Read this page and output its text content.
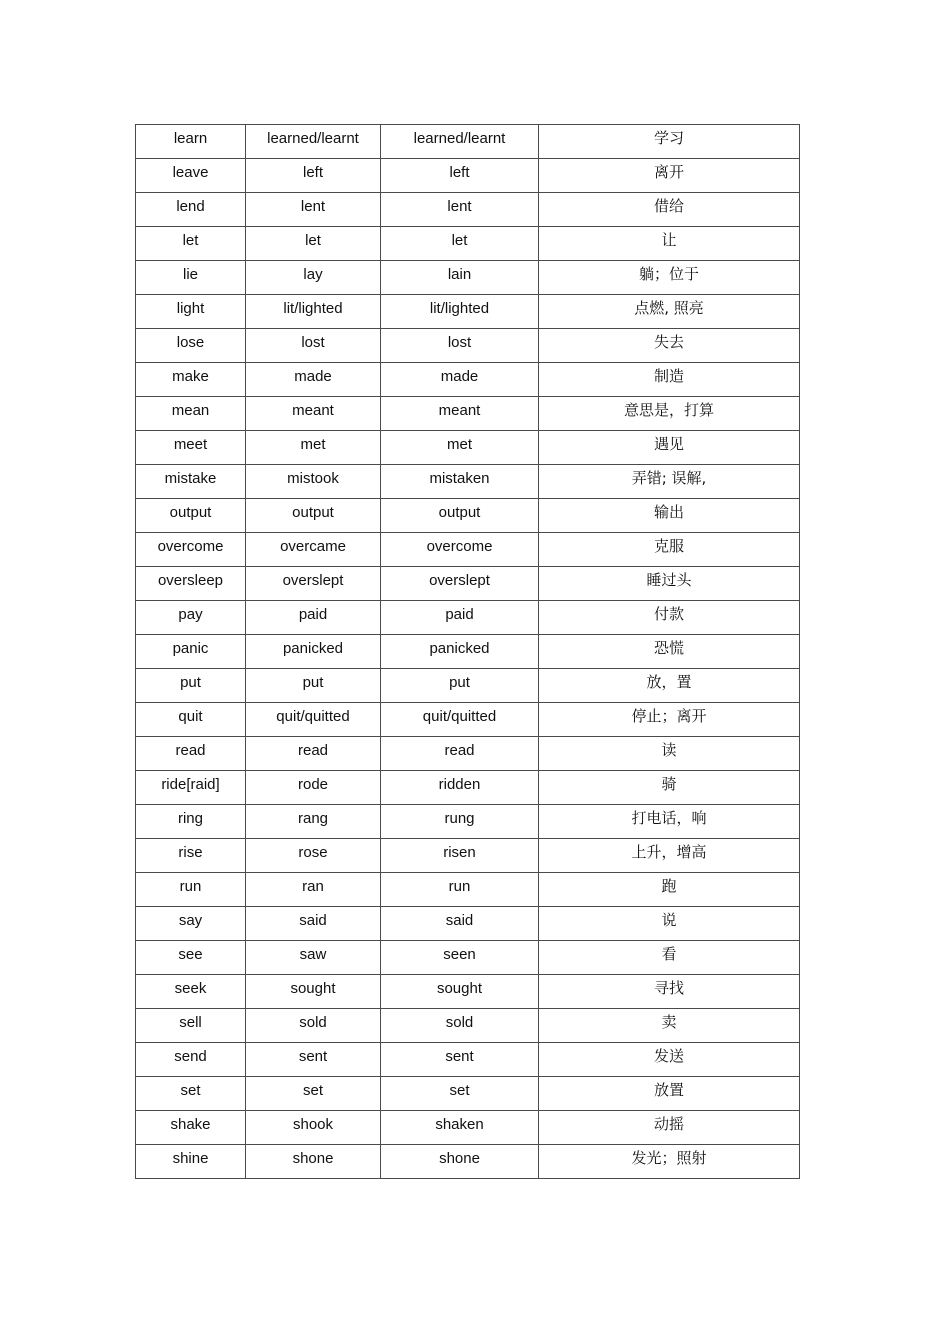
learn	learned/learnt	learned/learnt	学习
leave	left	left	离开
lend	lent	lent	借给
let	let	let	让
lie	lay	lain	躺；位于
light	lit/lighted	lit/lighted	点燃, 照亮
lose	lost	lost	失去
make	made	made	制造
mean	meant	meant	意思是，打算
meet	met	met	遇见
mistake	mistook	mistaken	弄错; 误解,
output	output	output	输出
overcome	overcame	overcome	克服
oversleep	overslept	overslept	睡过头
pay	paid	paid	付款
panic	panicked	panicked	恐慌
put	put	put	放，置
quit	quit/quitted	quit/quitted	停止；离开
read	read	read	读
ride[raid]	rode	ridden	骑
ring	rang	rung	打电话，响
rise	rose	risen	上升，增高
run	ran	run	跑
say	said	said	说
see	saw	seen	看
seek	sought	sought	寻找
sell	sold	sold	卖
send	sent	sent	发送
set	set	set	放置
shake	shook	shaken	动摇
shine	shone	shone	发光；照射
